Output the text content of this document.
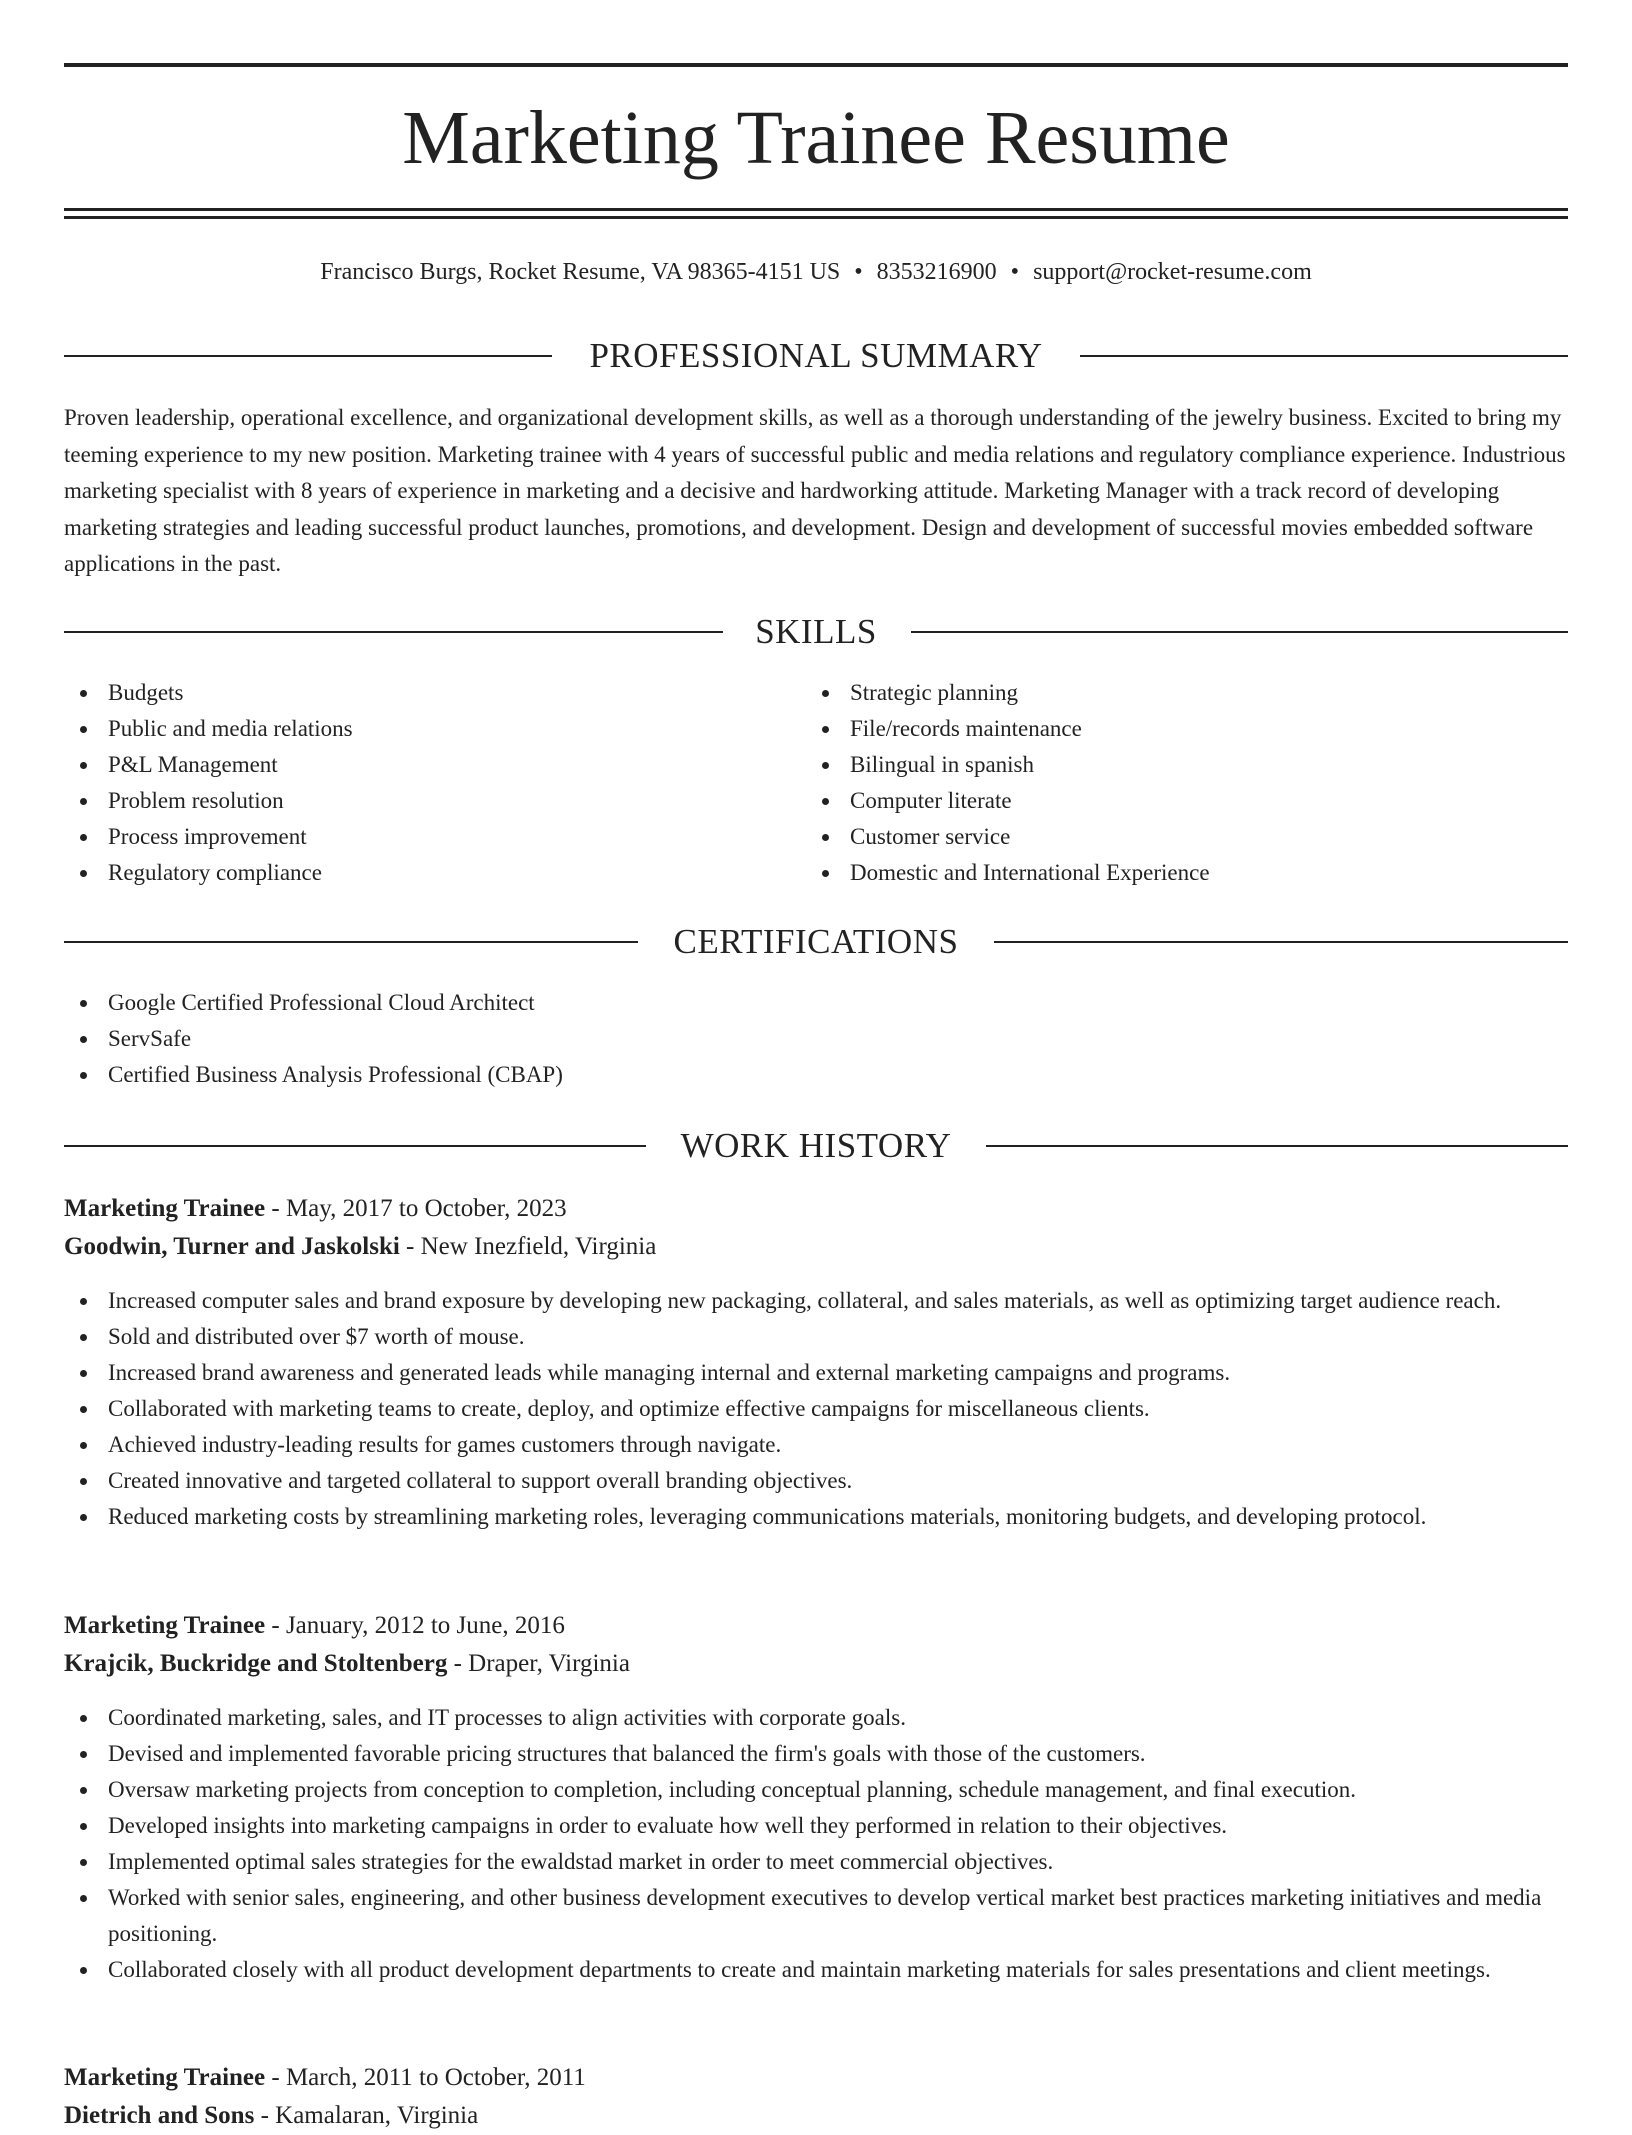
Marketing Trainee Resume
Francisco Burgs, Rocket Resume, VA 98365-4151 US • 8353216900 • support@rocket-resume.com
PROFESSIONAL SUMMARY

Proven leadership, operational excellence, and organizational development skills, as well as a thorough understanding of the jewelry business. Excited to bring my teeming experience to my new position. Marketing trainee with 4 years of successful public and media relations and regulatory compliance experience. Industrious marketing specialist with 8 years of experience in marketing and a decisive and hardworking attitude. Marketing Manager with a track record of developing marketing strategies and leading successful product launches, promotions, and development. Design and development of successful movies embedded software applications in the past.

SKILLS
Budgets
Public and media relations
P&L Management
Problem resolution
Process improvement
Regulatory compliance
Strategic planning
File/records maintenance
Bilingual in spanish
Computer literate
Customer service
Domestic and International Experience
CERTIFICATIONS
Google Certified Professional Cloud Architect
ServSafe
Certified Business Analysis Professional (CBAP)
WORK HISTORY
Marketing Trainee - May, 2017 to October, 2023
Goodwin, Turner and Jaskolski - New Inezfield, Virginia
Increased computer sales and brand exposure by developing new packaging, collateral, and sales materials, as well as optimizing target audience reach.
Sold and distributed over $7 worth of mouse.
Increased brand awareness and generated leads while managing internal and external marketing campaigns and programs.
Collaborated with marketing teams to create, deploy, and optimize effective campaigns for miscellaneous clients.
Achieved industry-leading results for games customers through navigate.
Created innovative and targeted collateral to support overall branding objectives.
Reduced marketing costs by streamlining marketing roles, leveraging communications materials, monitoring budgets, and developing protocol.
Marketing Trainee - January, 2012 to June, 2016
Krajcik, Buckridge and Stoltenberg - Draper, Virginia
Coordinated marketing, sales, and IT processes to align activities with corporate goals.
Devised and implemented favorable pricing structures that balanced the firm's goals with those of the customers.
Oversaw marketing projects from conception to completion, including conceptual planning, schedule management, and final execution.
Developed insights into marketing campaigns in order to evaluate how well they performed in relation to their objectives.
Implemented optimal sales strategies for the ewaldstad market in order to meet commercial objectives.
Worked with senior sales, engineering, and other business development executives to develop vertical market best practices marketing initiatives and media positioning.
Collaborated closely with all product development departments to create and maintain marketing materials for sales presentations and client meetings.
Marketing Trainee - March, 2011 to October, 2011
Dietrich and Sons - Kamalaran, Virginia
